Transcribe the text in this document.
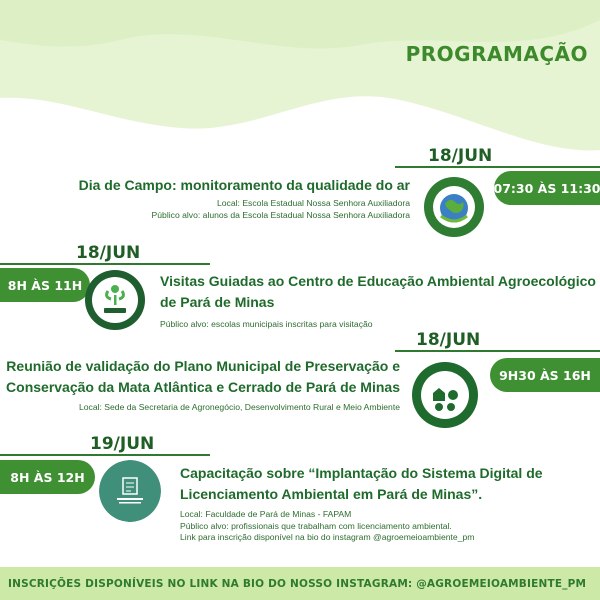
PROGRAMAÇÃO
18/JUN
07:30 ÀS 11:30
Dia de Campo: monitoramento da qualidade do ar
Local: Escola Estadual Nossa Senhora Auxiliadora
Público alvo: alunos da Escola Estadual Nossa Senhora Auxiliadora
18/JUN
8H ÀS 11H	Visitas Guiadas ao Centro de Educação Ambiental Agroecológico
de Pará de Minas
Público alvo: escolas municipais inscritas para visitação
18/JUN
9H30 ÀS 16H
Reunião de validação do Plano Municipal de Preservação e
Conservação da Mata Atlântica e Cerrado de Pará de Minas
Local: Sede da Secretaria de Agronegócio, Desenvolvimento Rural e Meio Ambiente
19/JUN
8H ÀS 12H	Capacitação sobre “Implantação do Sistema Digital de
Licenciamento Ambiental em Pará de Minas”.
Local: Faculdade de Pará de Minas - FAPAM
Público alvo: profissionais que trabalham com licenciamento ambiental.
Link para inscrição disponível na bio do instagram @agroemeioambiente_pm
INSCRIÇÕES DISPONÍVEIS NO LINK NA BIO DO NOSSO INSTAGRAM: @AGROEMEIOAMBIENTE_PM
